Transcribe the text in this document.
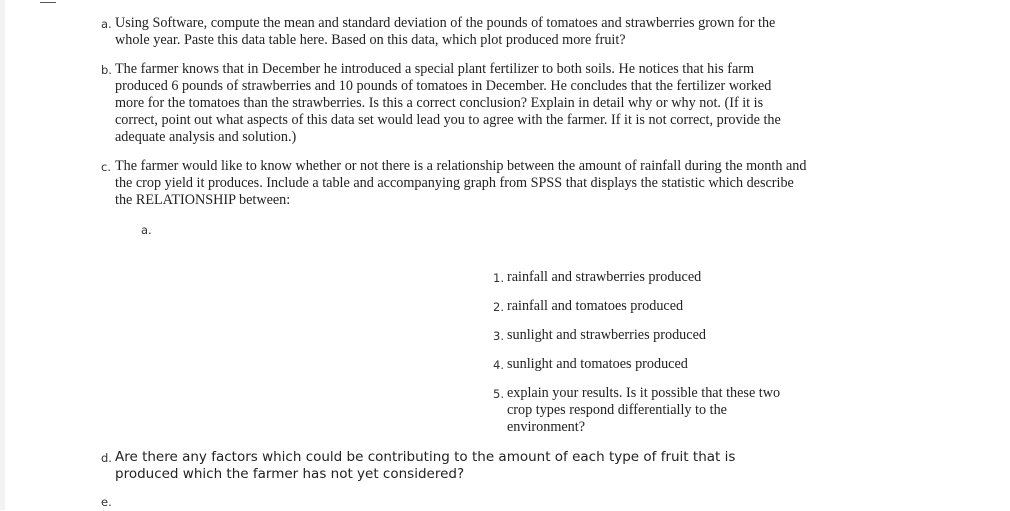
a. Using Software, compute the mean and standard deviation of the pounds of tomatoes and strawberries grown for the whole year. Paste this data table here. Based on this data, which plot produced more fruit?
b. The farmer knows that in December he introduced a special plant fertilizer to both soils. He notices that his farm produced 6 pounds of strawberries and 10 pounds of tomatoes in December. He concludes that the fertilizer worked more for the tomatoes than the strawberries. Is this a correct conclusion? Explain in detail why or why not. (If it is correct, point out what aspects of this data set would lead you to agree with the farmer. If it is not correct, provide the adequate analysis and solution.)
c. The farmer would like to know whether or not there is a relationship between the amount of rainfall during the month and the crop yield it produces. Include a table and accompanying graph from SPSS that displays the statistic which describe the RELATIONSHIP between:
a.
1. rainfall and strawberries produced
2. rainfall and tomatoes produced
3. sunlight and strawberries produced
4. sunlight and tomatoes produced
5. explain your results. Is it possible that these two crop types respond differentially to the environment?
d. Are there any factors which could be contributing to the amount of each type of fruit that is produced which the farmer has not yet considered?
e.
